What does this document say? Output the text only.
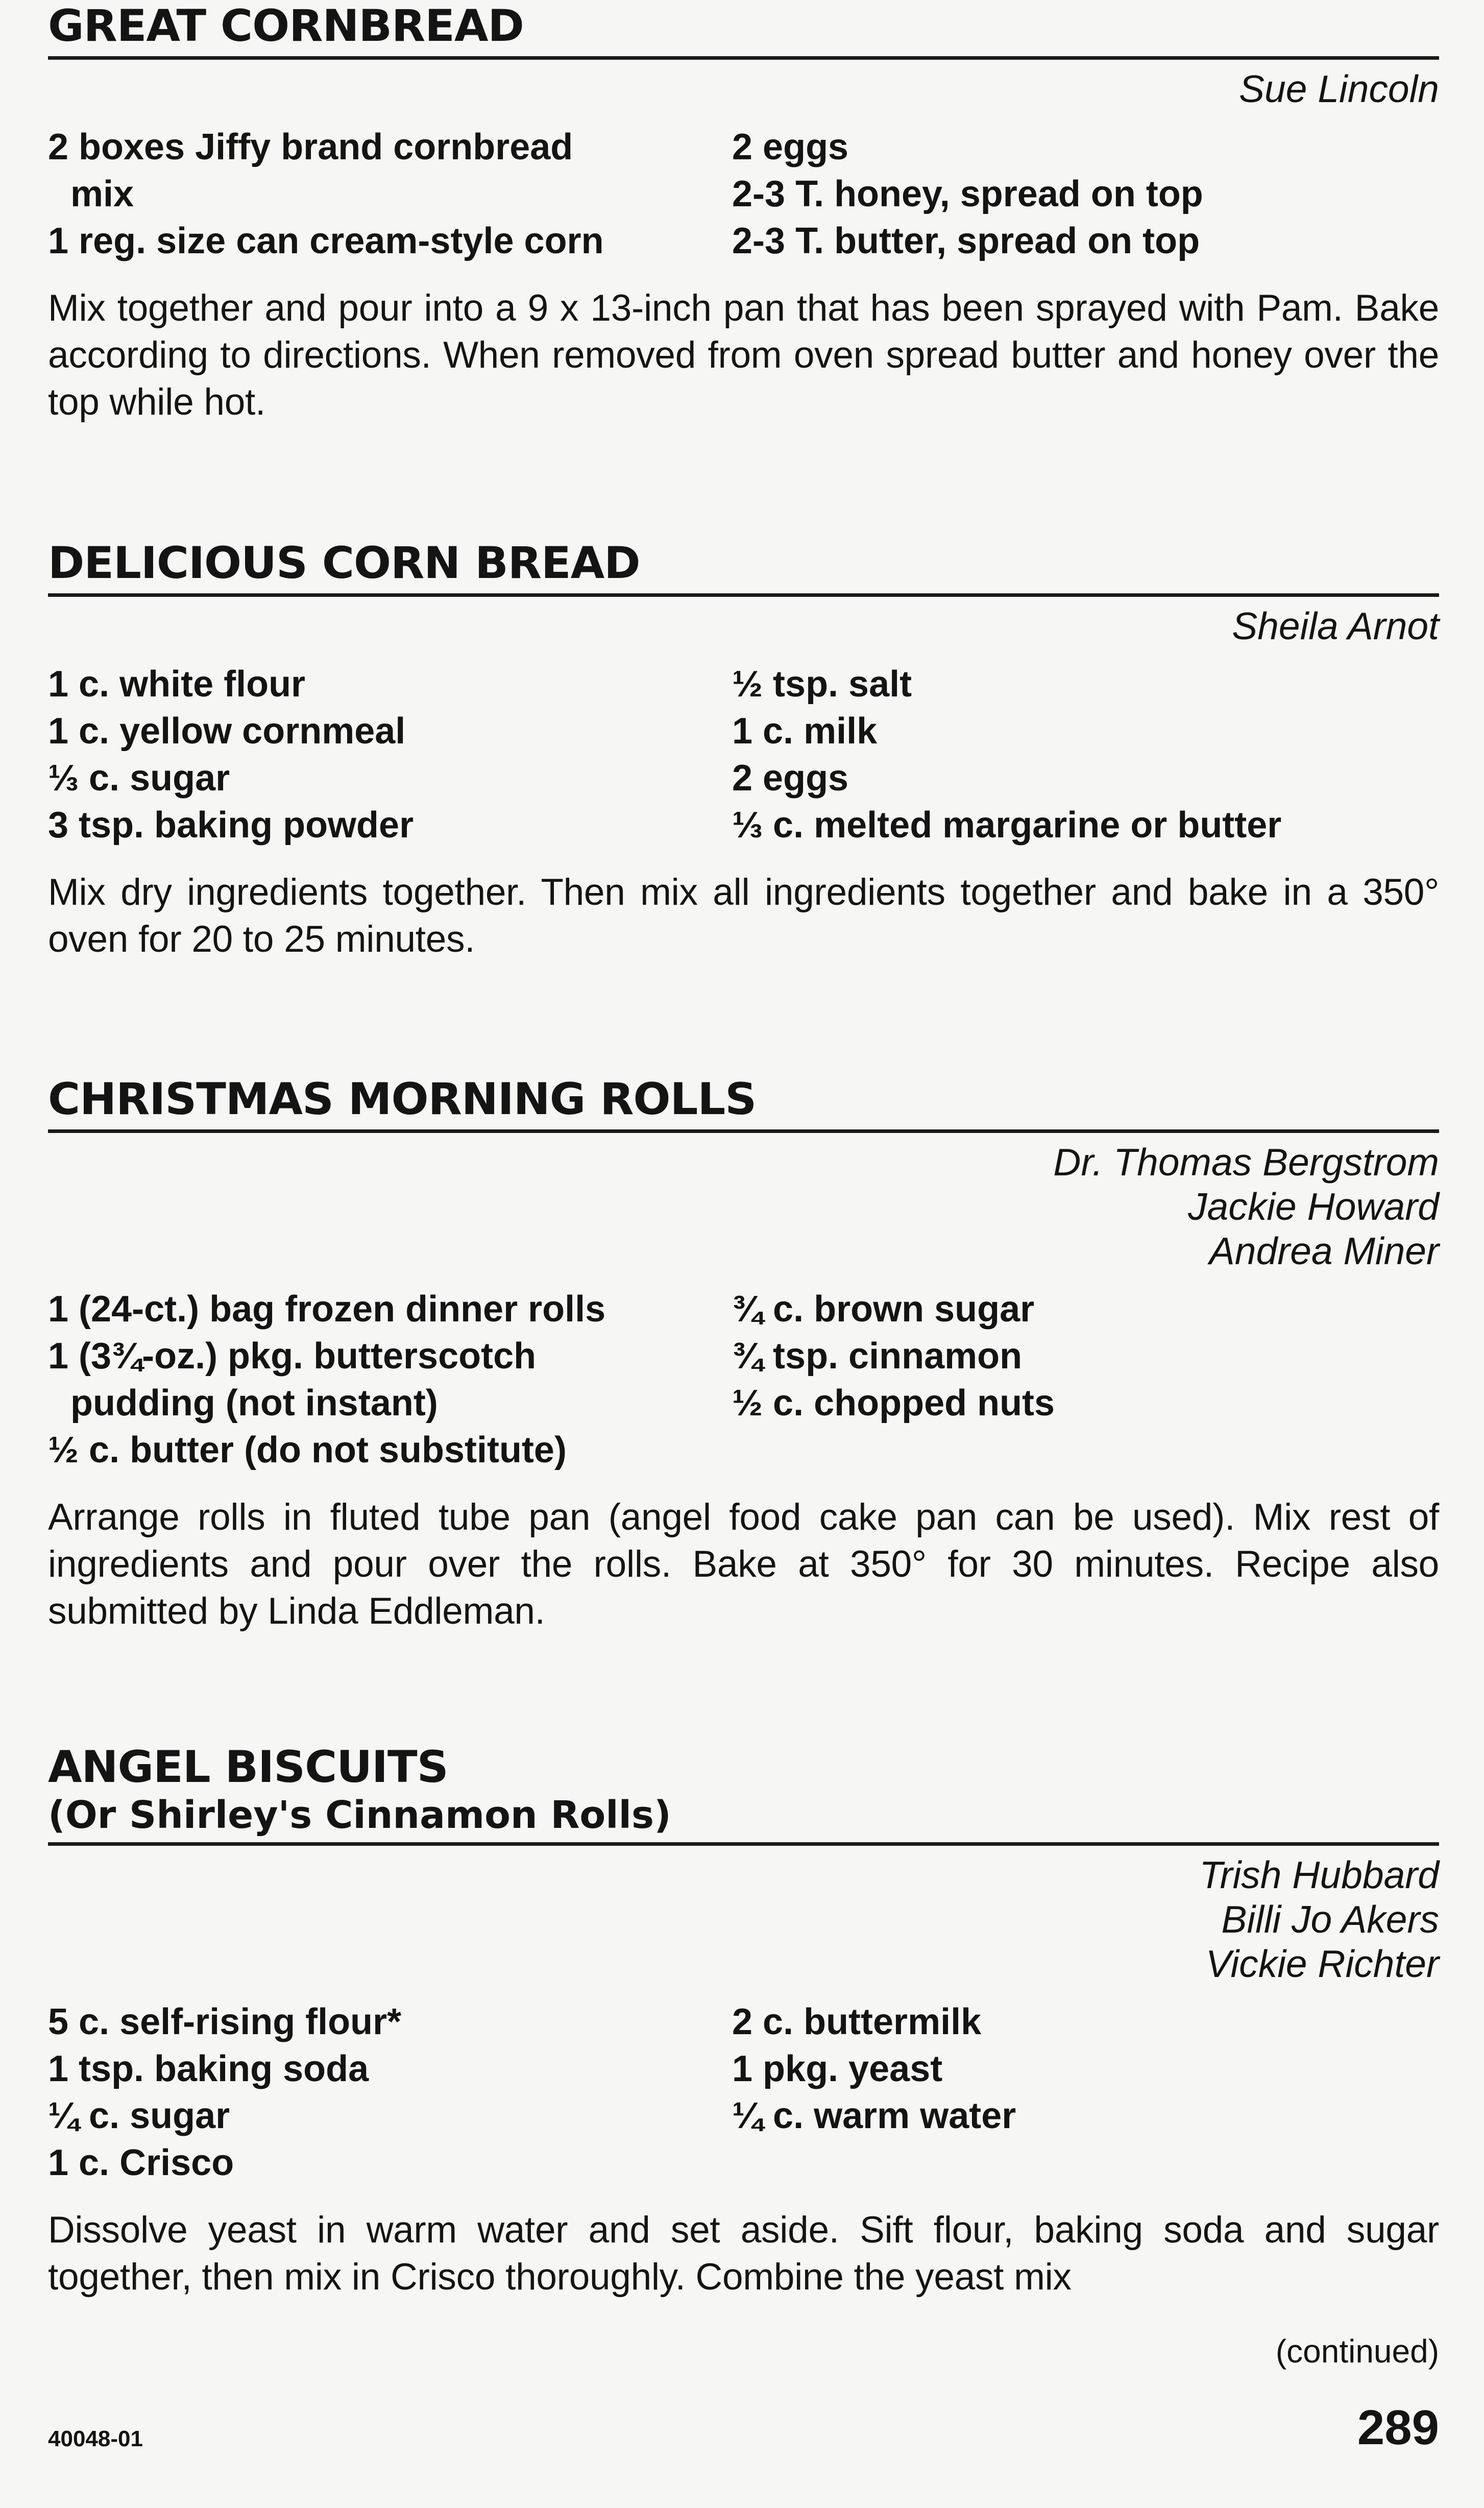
GREAT CORNBREAD
Sue Lincoln
2 boxes Jiffy brand cornbread
mix
1 reg. size can cream-style corn
2 eggs
2-3 T. honey, spread on top
2-3 T. butter, spread on top

Mix together and pour into a 9 x 13-inch pan that has been sprayed with Pam. Bake according to directions. When removed from oven spread butter and honey over the top while hot.

DELICIOUS CORN BREAD
Sheila Arnot
1 c. white flour
1 c. yellow cornmeal
⅓ c. sugar
3 tsp. baking powder
½ tsp. salt
1 c. milk
2 eggs
⅓ c. melted margarine or butter

Mix dry ingredients together. Then mix all ingredients together and bake in a 350° oven for 20 to 25 minutes.

CHRISTMAS MORNING ROLLS
Dr. Thomas Bergstrom
Jackie Howard
Andrea Miner
1 (24-ct.) bag frozen dinner rolls
1 (3¾-oz.) pkg. butterscotch
pudding (not instant)
½ c. butter (do not substitute)
¾ c. brown sugar
¾ tsp. cinnamon
½ c. chopped nuts

Arrange rolls in fluted tube pan (angel food cake pan can be used). Mix rest of ingredients and pour over the rolls. Bake at 350° for 30 minutes. Recipe also submitted by Linda Eddleman.

ANGEL BISCUITS
(Or Shirley's Cinnamon Rolls)
Trish Hubbard
Billi Jo Akers
Vickie Richter
5 c. self-rising flour*
1 tsp. baking soda
¼ c. sugar
1 c. Crisco
2 c. buttermilk
1 pkg. yeast
¼ c. warm water

Dissolve yeast in warm water and set aside. Sift flour, baking soda and sugar together, then mix in Crisco thoroughly. Combine the yeast mix

(continued)
40048-01	289
